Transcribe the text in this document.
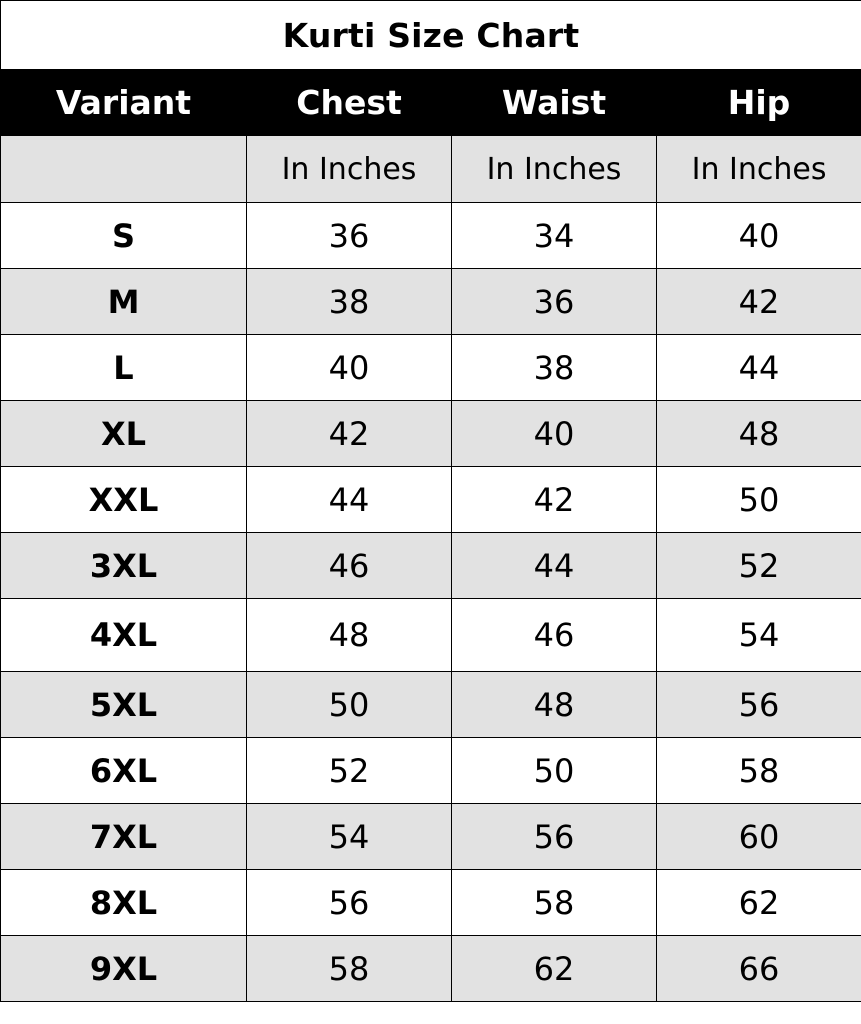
Kurti Size Chart			
Variant	Chest	Waist	Hip
	In Inches	In Inches	In Inches
S	36	34	40
M	38	36	42
L	40	38	44
XL	42	40	48
XXL	44	42	50
3XL	46	44	52
4XL	48	46	54
5XL	50	48	56
6XL	52	50	58
7XL	54	56	60
8XL	56	58	62
9XL	58	62	66
